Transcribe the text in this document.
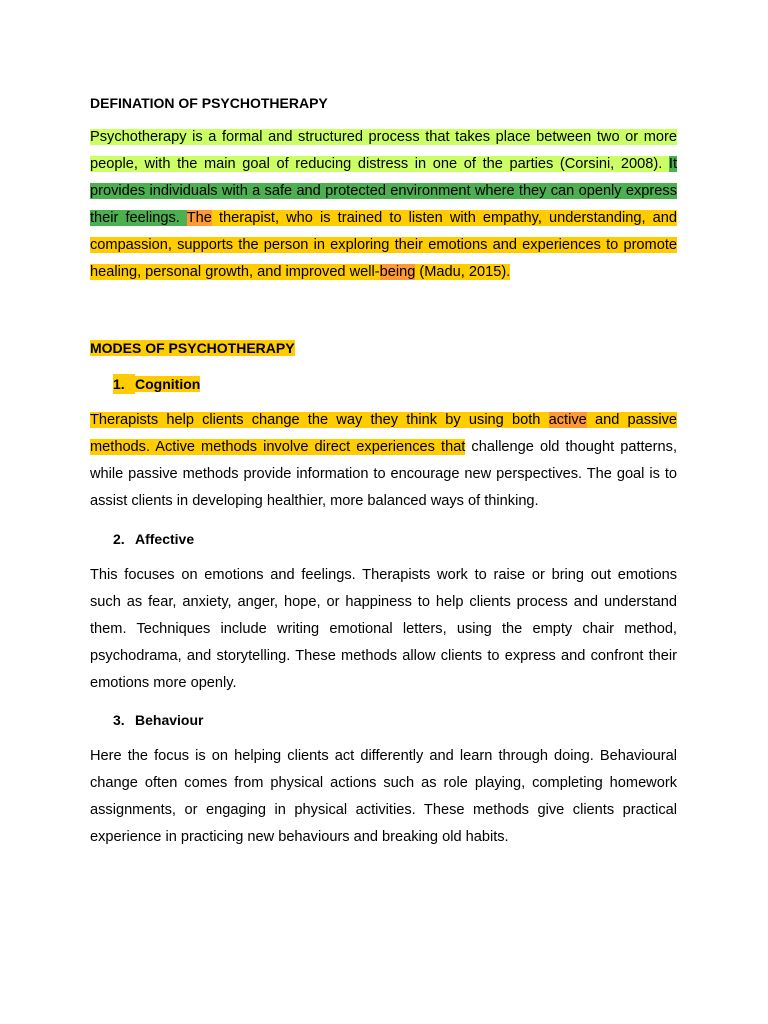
DEFINATION OF PSYCHOTHERAPY

Psychotherapy is a formal and structured process that takes place between two or more people, with the main goal of reducing distress in one of the parties (Corsini, 2008). It provides individuals with a safe and protected environment where they can openly express their feelings. The therapist, who is trained to listen with empathy, understanding, and compassion, supports the person in exploring their emotions and experiences to promote healing, personal growth, and improved well-being (Madu, 2015).

MODES OF PSYCHOTHERAPY

1. Cognition

Therapists help clients change the way they think by using both active and passive methods. Active methods involve direct experiences that challenge old thought patterns, while passive methods provide information to encourage new perspectives. The goal is to assist clients in developing healthier, more balanced ways of thinking.

2. Affective

This focuses on emotions and feelings. Therapists work to raise or bring out emotions such as fear, anxiety, anger, hope, or happiness to help clients process and understand them. Techniques include writing emotional letters, using the empty chair method, psychodrama, and storytelling. These methods allow clients to express and confront their emotions more openly.

3. Behaviour

Here the focus is on helping clients act differently and learn through doing. Behavioural change often comes from physical actions such as role playing, completing homework assignments, or engaging in physical activities. These methods give clients practical experience in practicing new behaviours and breaking old habits.
